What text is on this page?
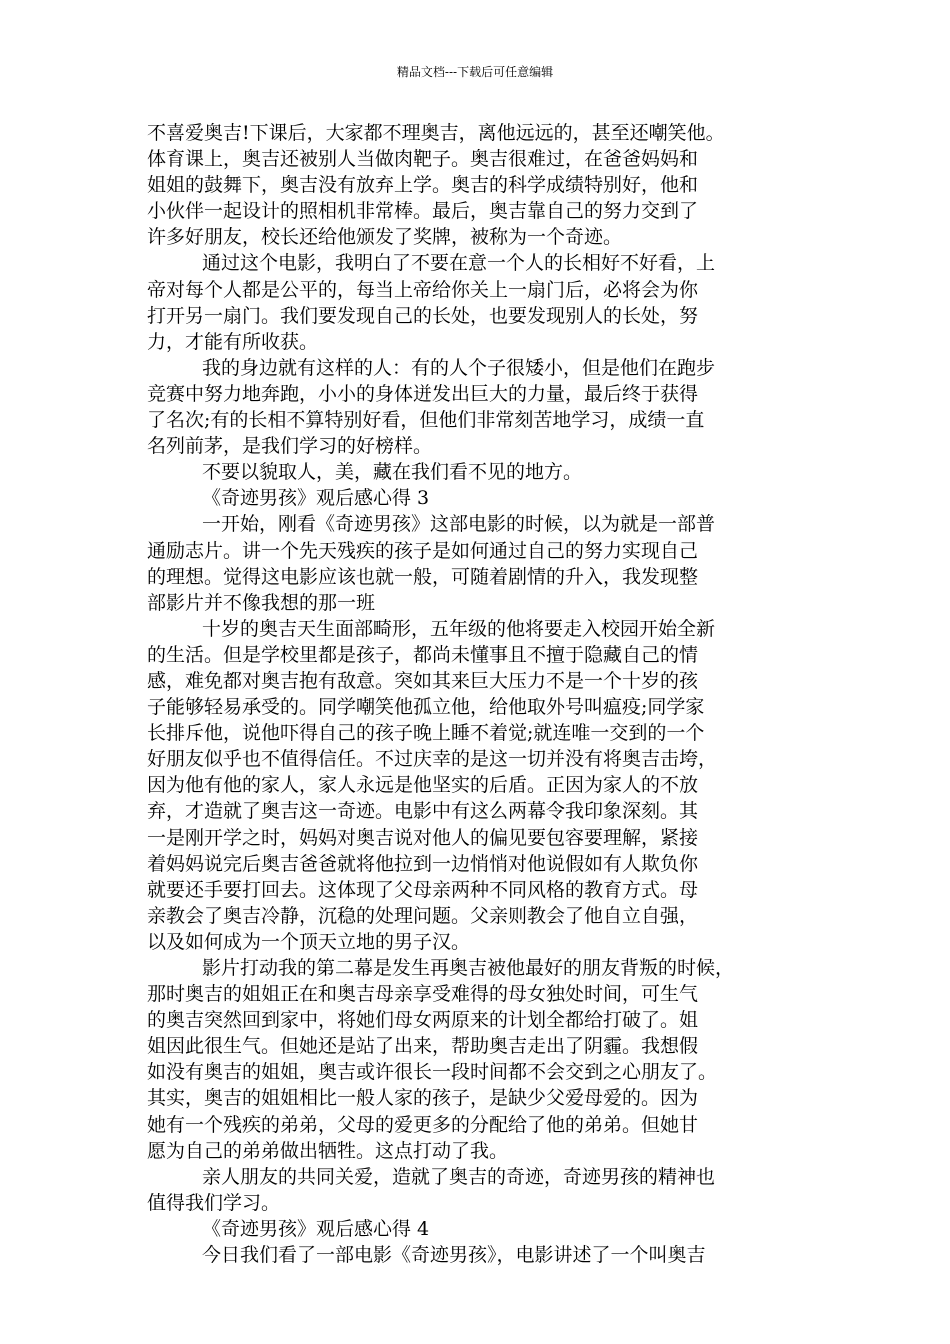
精品文档---下载后可任意编辑

不喜爱奥吉!下课后，大家都不理奥吉，离他远远的，甚至还嘲笑他。

体育课上，奥吉还被别人当做肉靶子。奥吉很难过，在爸爸妈妈和

姐姐的鼓舞下，奥吉没有放弃上学。奥吉的科学成绩特别好，他和

小伙伴一起设计的照相机非常棒。最后，奥吉靠自己的努力交到了

许多好朋友，校长还给他颁发了奖牌，被称为一个奇迹。

通过这个电影，我明白了不要在意一个人的长相好不好看，上

帝对每个人都是公平的，每当上帝给你关上一扇门后，必将会为你

打开另一扇门。我们要发现自己的长处，也要发现别人的长处，努

力，才能有所收获。

我的身边就有这样的人：有的人个子很矮小，但是他们在跑步

竞赛中努力地奔跑，小小的身体迸发出巨大的力量，最后终于获得

了名次;有的长相不算特别好看，但他们非常刻苦地学习，成绩一直

名列前茅，是我们学习的好榜样。

不要以貌取人，美，藏在我们看不见的地方。

《奇迹男孩》观后感心得 3

一开始，刚看《奇迹男孩》这部电影的时候，以为就是一部普

通励志片。讲一个先天残疾的孩子是如何通过自己的努力实现自己

的理想。觉得这电影应该也就一般，可随着剧情的升入，我发现整

部影片并不像我想的那一班

十岁的奥吉天生面部畸形，五年级的他将要走入校园开始全新

的生活。但是学校里都是孩子，都尚未懂事且不擅于隐藏自己的情

感，难免都对奥吉抱有敌意。突如其来巨大压力不是一个十岁的孩

子能够轻易承受的。同学嘲笑他孤立他，给他取外号叫瘟疫;同学家

长排斥他，说他吓得自己的孩子晚上睡不着觉;就连唯一交到的一个

好朋友似乎也不值得信任。不过庆幸的是这一切并没有将奥吉击垮，

因为他有他的家人，家人永远是他坚实的后盾。正因为家人的不放

弃，才造就了奥吉这一奇迹。电影中有这么两幕令我印象深刻。其

一是刚开学之时，妈妈对奥吉说对他人的偏见要包容要理解，紧接

着妈妈说完后奥吉爸爸就将他拉到一边悄悄对他说假如有人欺负你

就要还手要打回去。这体现了父母亲两种不同风格的教育方式。母

亲教会了奥吉冷静，沉稳的处理问题。父亲则教会了他自立自强，

以及如何成为一个顶天立地的男子汉。

影片打动我的第二幕是发生再奥吉被他最好的朋友背叛的时候，

那时奥吉的姐姐正在和奥吉母亲享受难得的母女独处时间，可生气

的奥吉突然回到家中，将她们母女两原来的计划全都给打破了。姐

姐因此很生气。但她还是站了出来，帮助奥吉走出了阴霾。我想假

如没有奥吉的姐姐，奥吉或许很长一段时间都不会交到之心朋友了。

其实，奥吉的姐姐相比一般人家的孩子，是缺少父爱母爱的。因为

她有一个残疾的弟弟，父母的爱更多的分配给了他的弟弟。但她甘

愿为自己的弟弟做出牺牲。这点打动了我。

亲人朋友的共同关爱，造就了奥吉的奇迹，奇迹男孩的精神也

值得我们学习。

《奇迹男孩》观后感心得 4

今日我们看了一部电影《奇迹男孩》，电影讲述了一个叫奥吉
